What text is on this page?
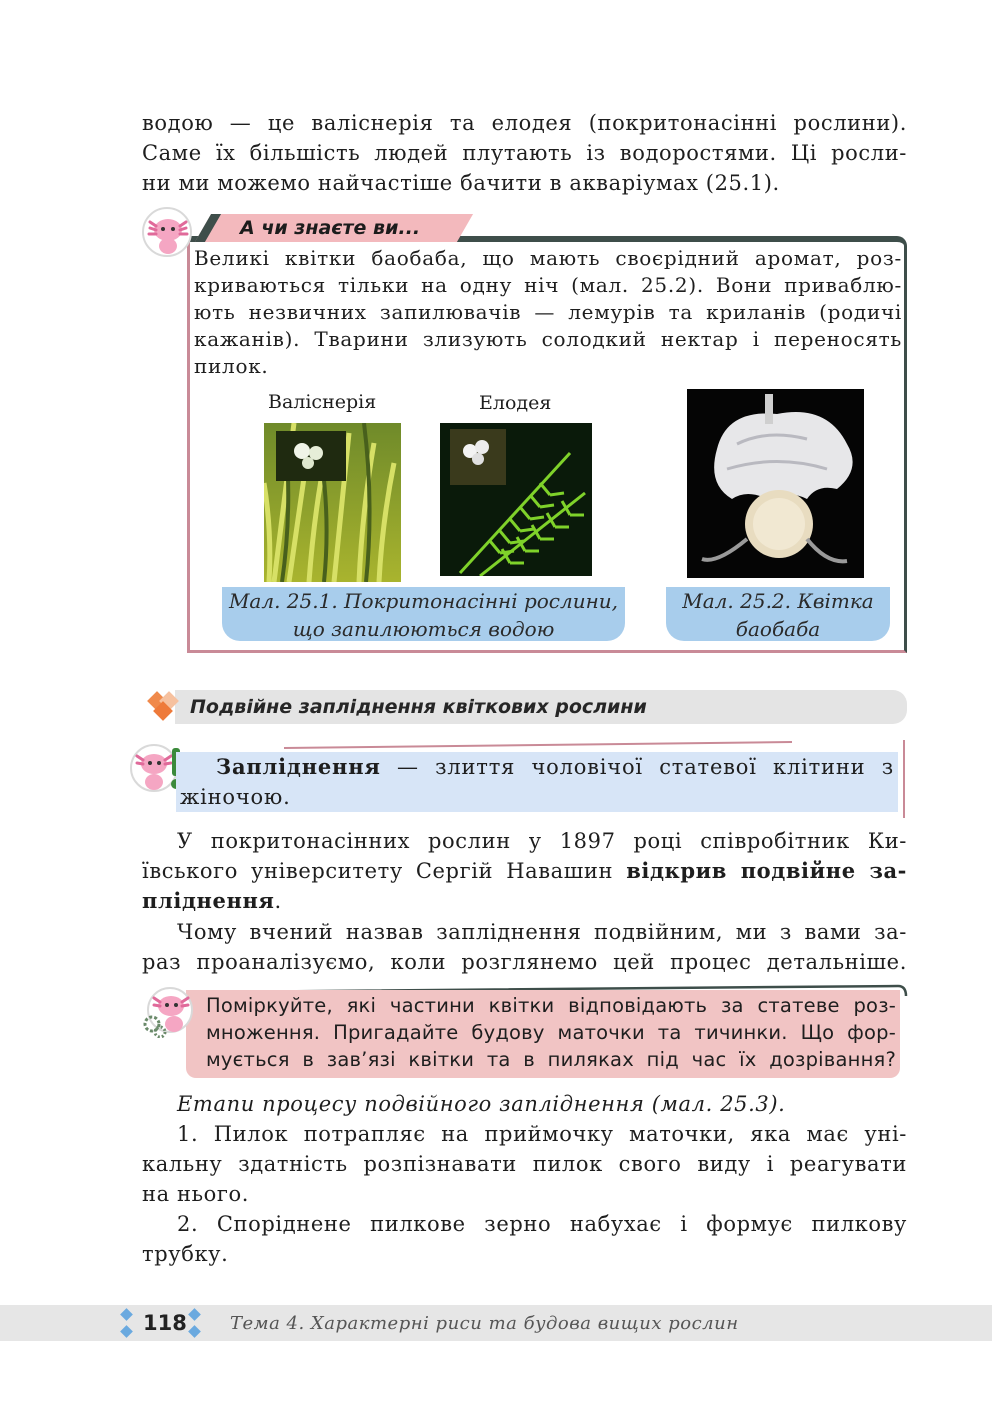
водою — це валіснерія та елодея (покритонасінні рослини).
Саме їх більшість людей плутають із водоростями. Ці росли-
ни ми можемо найчастіше бачити в акваріумах (25.1).
А чи знаєте ви...
Великі квітки баобаба, що мають своєрідний аромат, роз-
криваються тільки на одну ніч (мал. 25.2). Вони приваблю-
ють незвичних запилювачів — лемурів та криланів (родичі
кажанів). Тварини злизують солодкий нектар і переносять
пилок.
Валіснерія	Елодея
Мал. 25.1. Покритонасінні рослини,
що запилюються водою
Мал. 25.2. Квітка
баобаба
Подвійне запліднення квіткових рослини
Запліднення — злиття чоловічої статевої клітини з
жіночою.
У покритонасінних рослин у 1897 році співробітник Ки-
ївського університету Сергій Навашин відкрив подвійне за-
пліднення.
Чому вчений назвав запліднення подвійним, ми з вами за-
раз проаналізуємо, коли розглянемо цей процес детальніше.
Поміркуйте, які частини квітки відповідають за статеве роз-
множення. Пригадайте будову маточки та тичинки. Що фор-
мується в зав’язі квітки та в пиляках під час їх дозрівання?
Етапи процесу подвійного запліднення (мал. 25.3).
1. Пилок потрапляє на приймочку маточки, яка має уні-
кальну здатність розпізнавати пилок свого виду і реагувати
на нього.
2. Споріднене пилкове зерно набухає і формує пилкову
трубку.
118 Тема 4. Характерні риси та будова вищих рослин
